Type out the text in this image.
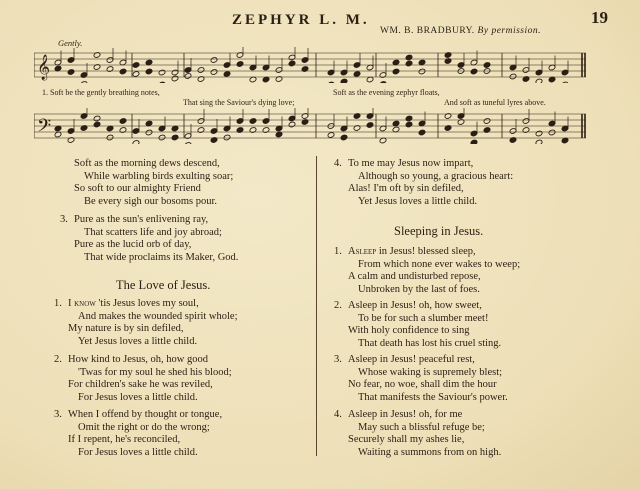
ZEPHYR L. M.
WM. B. BRADBURY. By permission.
19
Gently.
𝄞
1. Soft be the gently breathing notes,	Soft as the evening zephyr floats,
That sing the Saviour's dying love;	And soft as tuneful lyres above.
𝄢
Soft as the morning dews descend,
While warbling birds exulting soar;
So soft to our almighty Friend
Be every sigh our bosoms pour.
3. Pure as the sun's enlivening ray,
That scatters life and joy abroad;
Pure as the lucid orb of day,
That wide proclaims its Maker, God.
The Love of Jesus.
1. I know 'tis Jesus loves my soul,
And makes the wounded spirit whole;
My nature is by sin defiled,
Yet Jesus loves a little child.
2. How kind to Jesus, oh, how good
'Twas for my soul he shed his blood;
For children's sake he was reviled,
For Jesus loves a little child.
3. When I offend by thought or tongue,
Omit the right or do the wrong;
If I repent, he's reconciled,
For Jesus loves a little child.
4. To me may Jesus now impart,
Although so young, a gracious heart:
Alas! I'm oft by sin defiled,
Yet Jesus loves a little child.
Sleeping in Jesus.
1. Asleep in Jesus! blessed sleep,
From which none ever wakes to weep;
A calm and undisturbed repose,
Unbroken by the last of foes.
2. Asleep in Jesus! oh, how sweet,
To be for such a slumber meet!
With holy confidence to sing
That death has lost his cruel sting.
3. Asleep in Jesus! peaceful rest,
Whose waking is supremely blest;
No fear, no woe, shall dim the hour
That manifests the Saviour's power.
4. Asleep in Jesus! oh, for me
May such a blissful refuge be;
Securely shall my ashes lie,
Waiting a summons from on high.
